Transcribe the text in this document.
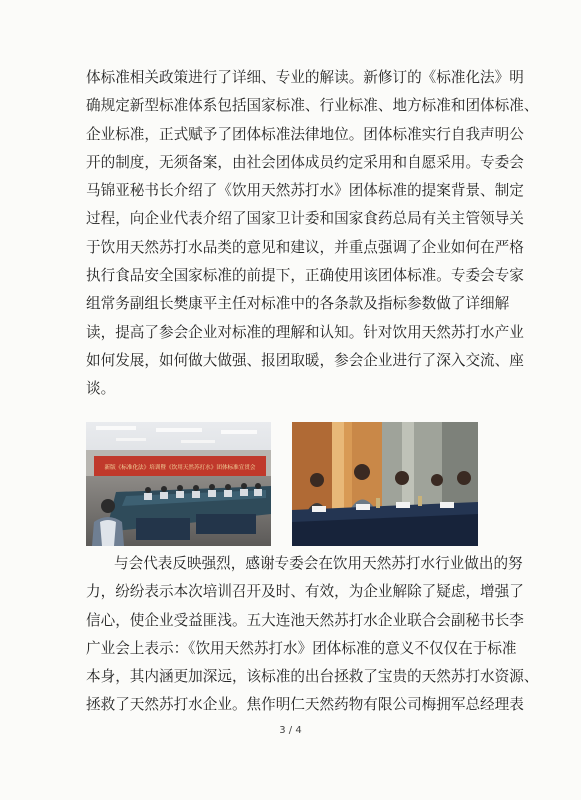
体标准相关政策进行了详细、专业的解读。新修订的《标准化法》明
确规定新型标准体系包括国家标准、行业标准、地方标准和团体标准、
企业标准，正式赋予了团体标准法律地位。团体标准实行自我声明公
开的制度，无须备案，由社会团体成员约定采用和自愿采用。专委会
马锦亚秘书长介绍了《饮用天然苏打水》团体标准的提案背景、制定
过程，向企业代表介绍了国家卫计委和国家食药总局有关主管领导关
于饮用天然苏打水品类的意见和建议，并重点强调了企业如何在严格
执行食品安全国家标准的前提下，正确使用该团体标准。专委会专家
组常务副组长樊康平主任对标准中的各条款及指标参数做了详细解
读，提高了参会企业对标准的理解和认知。针对饮用天然苏打水产业
如何发展，如何做大做强、报团取暖，参会企业进行了深入交流、座
谈。

新版《标准化法》培训暨《饮用天然苏打水》团体标准宣贯会

与会代表反映强烈，感谢专委会在饮用天然苏打水行业做出的努
力，纷纷表示本次培训召开及时、有效，为企业解除了疑虑，增强了
信心，使企业受益匪浅。五大连池天然苏打水企业联合会副秘书长李
广业会上表示：《饮用天然苏打水》团体标准的意义不仅仅在于标准
本身，其内涵更加深远，该标准的出台拯救了宝贵的天然苏打水资源、
拯救了天然苏打水企业。焦作明仁天然药物有限公司梅拥军总经理表

3 / 4
